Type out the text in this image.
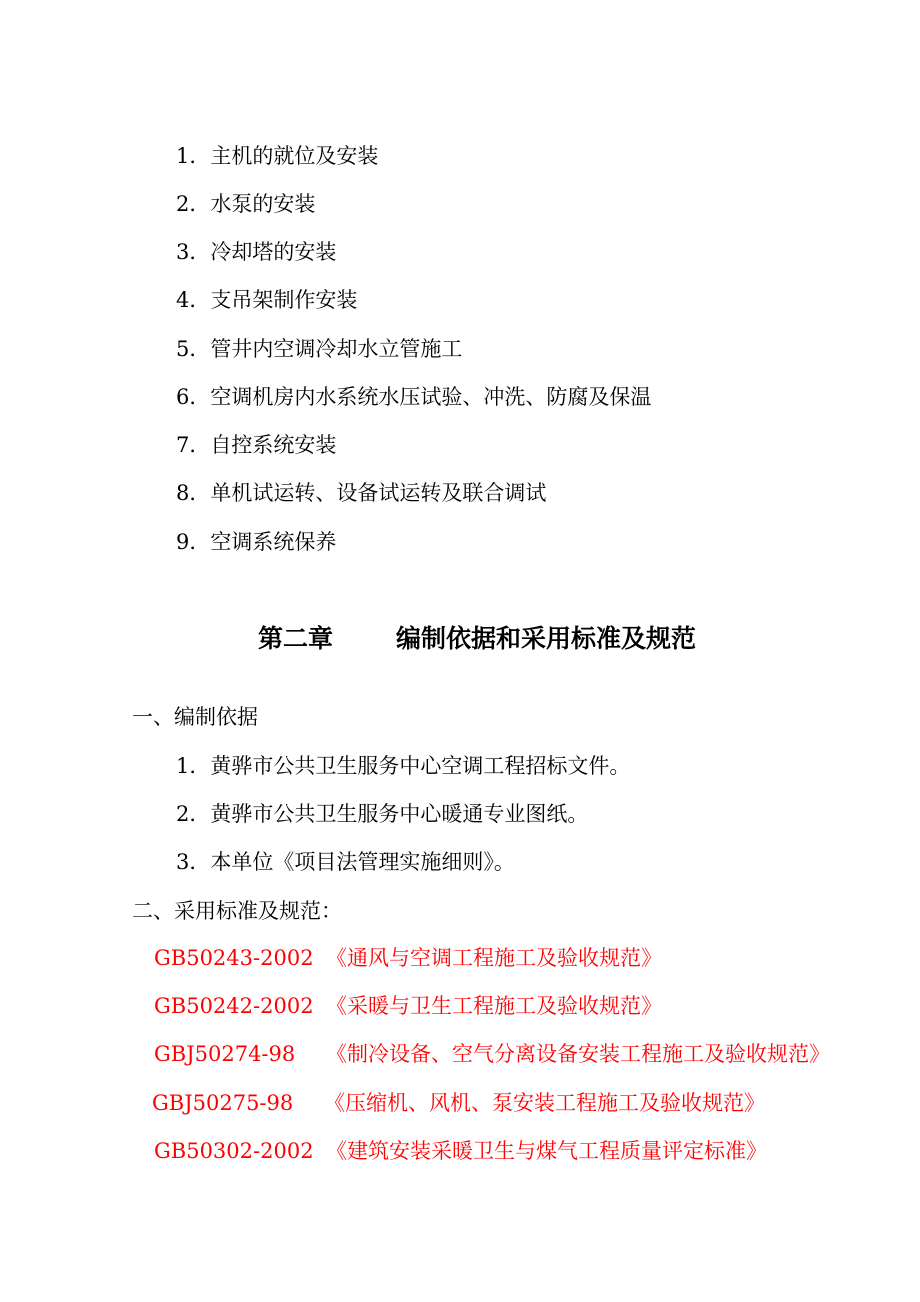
1．主机的就位及安装
2．水泵的安装
3．冷却塔的安装
4．支吊架制作安装
5．管井内空调冷却水立管施工
6．空调机房内水系统水压试验、冲洗、防腐及保温
7．自控系统安装
8．单机试运转、设备试运转及联合调试
9．空调系统保养
第二章	编制依据和采用标准及规范
一、编制依据
1．黄骅市公共卫生服务中心空调工程招标文件。
2．黄骅市公共卫生服务中心暖通专业图纸。
3．本单位《项目法管理实施细则》。
二、采用标准及规范：
GB50243-2002 《通风与空调工程施工及验收规范》
GB50242-2002 《采暖与卫生工程施工及验收规范》
GBJ50274-98 《制冷设备、空气分离设备安装工程施工及验收规范》
GBJ50275-98 《压缩机、风机、泵安装工程施工及验收规范》
GB50302-2002 《建筑安装采暖卫生与煤气工程质量评定标准》
